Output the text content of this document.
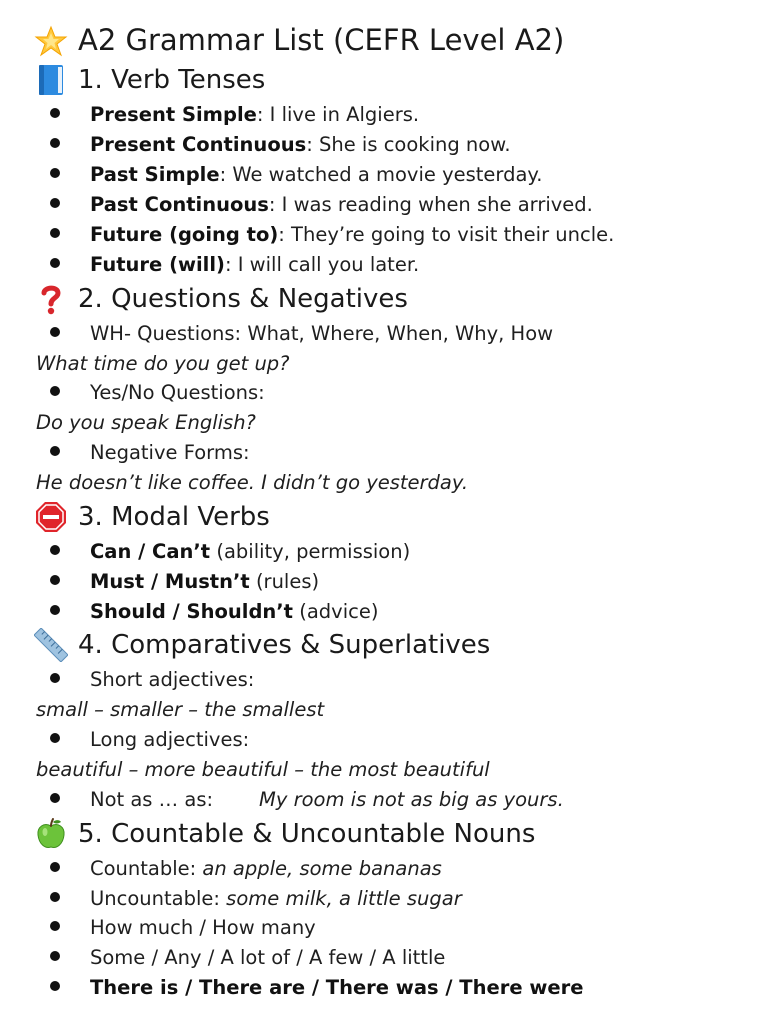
A2 Grammar List (CEFR Level A2)
1. Verb Tenses
Present Simple: I live in Algiers.
Present Continuous: She is cooking now.
Past Simple: We watched a movie yesterday.
Past Continuous: I was reading when she arrived.
Future (going to): They’re going to visit their uncle.
Future (will): I will call you later.
2. Questions & Negatives
WH- Questions: What, Where, When, Why, How
What time do you get up?
Yes/No Questions:
Do you speak English?
Negative Forms:
He doesn’t like coffee. I didn’t go yesterday.
3. Modal Verbs
Can / Can’t (ability, permission)
Must / Mustn’t (rules)
Should / Shouldn’t (advice)
4. Comparatives & Superlatives
Short adjectives:
small – smaller – the smallest
Long adjectives:
beautiful – more beautiful – the most beautiful
Not as … as: My room is not as big as yours.
5. Countable & Uncountable Nouns
Countable: an apple, some bananas
Uncountable: some milk, a little sugar
How much / How many
Some / Any / A lot of / A few / A little
There is / There are / There was / There were
